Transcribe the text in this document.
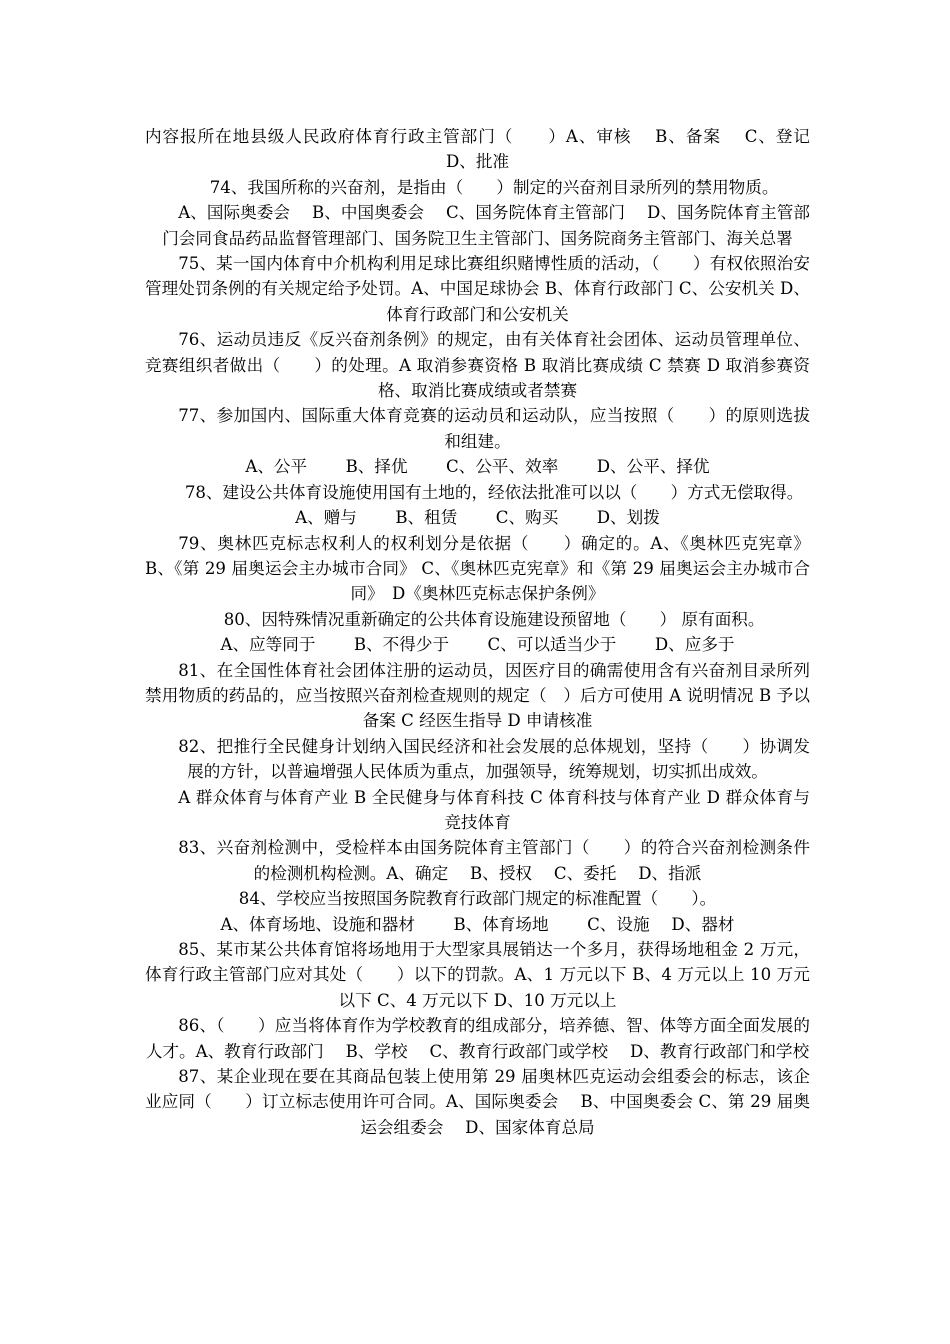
内容报所在地县级人民政府体育行政主管部门（　　）A、审核　 B、备案　 C、登记　 D、批准

74、我国所称的兴奋剂，是指由（　　）制定的兴奋剂目录所列的禁用物质。

A、国际奥委会　 B、中国奥委会　 C、国务院体育主管部门　 D、国务院体育主管部门会同食品药品监督管理部门、国务院卫生主管部门、国务院商务主管部门、海关总署

75、某一国内体育中介机构利用足球比赛组织赌博性质的活动，（　　）有权依照治安管理处罚条例的有关规定给予处罚。A、中国足球协会 B、体育行政部门 C、公安机关 D、体育行政部门和公安机关

76、运动员违反《反兴奋剂条例》的规定，由有关体育社会团体、运动员管理单位、竞赛组织者做出（　　）的处理。A 取消参赛资格 B 取消比赛成绩 C 禁赛 D 取消参赛资格、取消比赛成绩或者禁赛

77、参加国内、国际重大体育竞赛的运动员和运动队，应当按照（　　）的原则选拔和组建。

A、公平　　 B、择优　　 C、公平、效率　　 D、公平、择优

78、建设公共体育设施使用国有土地的，经依法批准可以以（　　）方式无偿取得。

A、赠与　　 B、租赁　　 C、购买　　 D、划拨

79、奥林匹克标志权利人的权利划分是依据（　　）确定的。A、《奥林匹克宪章》B、《第 29 届奥运会主办城市合同》 C、《奥林匹克宪章》和《第 29 届奥运会主办城市合同》　D《奥林匹克标志保护条例》

80、因特殊情况重新确定的公共体育设施建设预留地（　　） 原有面积。

A、应等同于　　 B、不得少于　　 C、可以适当少于　　 D、应多于

81、在全国性体育社会团体注册的运动员，因医疗目的确需使用含有兴奋剂目录所列禁用物质的药品的，应当按照兴奋剂检查规则的规定（　）后方可使用 A 说明情况 B 予以备案 C 经医生指导 D 申请核准

82、把推行全民健身计划纳入国民经济和社会发展的总体规划，坚持（　　）协调发展的方针，以普遍增强人民体质为重点，加强领导，统筹规划，切实抓出成效。

A 群众体育与体育产业 B 全民健身与体育科技 C 体育科技与体育产业 D 群众体育与竞技体育

83、兴奋剂检测中，受检样本由国务院体育主管部门（　　）的符合兴奋剂检测条件的检测机构检测。A、确定　 B、授权　 C、委托　 D、指派

84、学校应当按照国务院教育行政部门规定的标准配置（　　）。

A、体育场地、设施和器材　　 B、体育场地　　 C、设施　 D、器材

85、某市某公共体育馆将场地用于大型家具展销达一个多月，获得场地租金 2 万元，体育行政主管部门应对其处（　　）以下的罚款。A、1 万元以下 B、4 万元以上 10 万元以下 C、4 万元以下 D、10 万元以上

86、（　　）应当将体育作为学校教育的组成部分，培养德、智、体等方面全面发展的人才。A、教育行政部门　 B、学校　 C、教育行政部门或学校　 D、教育行政部门和学校

87、某企业现在要在其商品包装上使用第 29 届奥林匹克运动会组委会的标志，该企业应同（　　）订立标志使用许可合同。A、国际奥委会　 B、中国奥委会 C、第 29 届奥运会组委会　 D、国家体育总局
